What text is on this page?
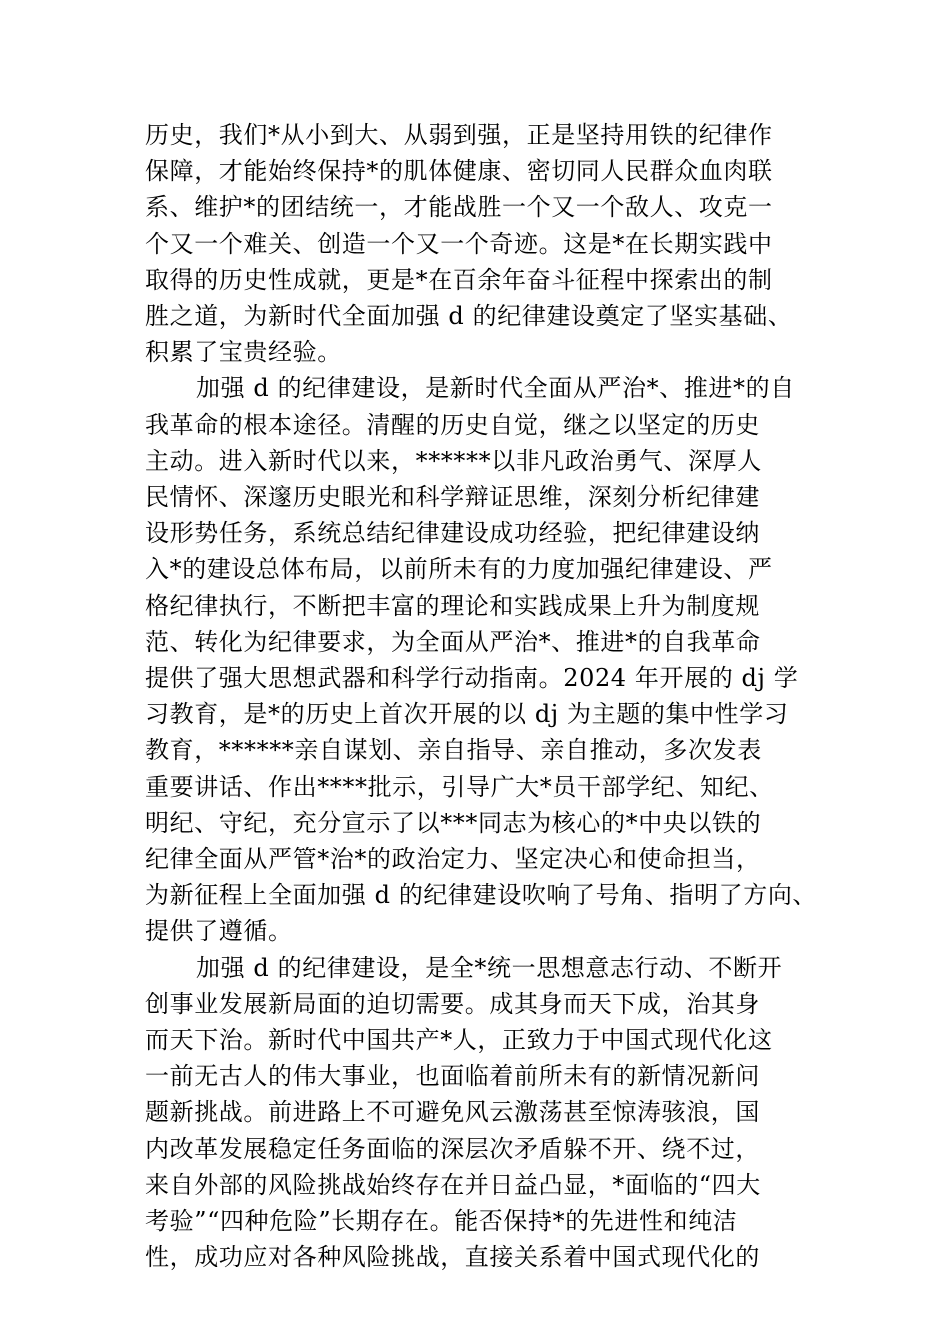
历史，我们*从小到大、从弱到强，正是坚持用铁的纪律作
保障，才能始终保持*的肌体健康、密切同人民群众血肉联
系、维护*的团结统一，才能战胜一个又一个敌人、攻克一
个又一个难关、创造一个又一个奇迹。这是*在长期实践中
取得的历史性成就，更是*在百余年奋斗征程中探索出的制
胜之道，为新时代全面加强 d 的纪律建设奠定了坚实基础、
积累了宝贵经验。
加强 d 的纪律建设，是新时代全面从严治*、推进*的自
我革命的根本途径。清醒的历史自觉，继之以坚定的历史
主动。进入新时代以来，******以非凡政治勇气、深厚人
民情怀、深邃历史眼光和科学辩证思维，深刻分析纪律建
设形势任务，系统总结纪律建设成功经验，把纪律建设纳
入*的建设总体布局，以前所未有的力度加强纪律建设、严
格纪律执行，不断把丰富的理论和实践成果上升为制度规
范、转化为纪律要求，为全面从严治*、推进*的自我革命
提供了强大思想武器和科学行动指南。2024 年开展的 dj 学
习教育，是*的历史上首次开展的以 dj 为主题的集中性学习
教育，******亲自谋划、亲自指导、亲自推动，多次发表
重要讲话、作出****批示，引导广大*员干部学纪、知纪、
明纪、守纪，充分宣示了以***同志为核心的*中央以铁的
纪律全面从严管*治*的政治定力、坚定决心和使命担当，
为新征程上全面加强 d 的纪律建设吹响了号角、指明了方向、
提供了遵循。
加强 d 的纪律建设，是全*统一思想意志行动、不断开
创事业发展新局面的迫切需要。成其身而天下成，治其身
而天下治。新时代中国共产*人，正致力于中国式现代化这
一前无古人的伟大事业，也面临着前所未有的新情况新问
题新挑战。前进路上不可避免风云激荡甚至惊涛骇浪，国
内改革发展稳定任务面临的深层次矛盾躲不开、绕不过，
来自外部的风险挑战始终存在并日益凸显，*面临的“四大
考验”“四种危险”长期存在。能否保持*的先进性和纯洁
性，成功应对各种风险挑战，直接关系着中国式现代化的
